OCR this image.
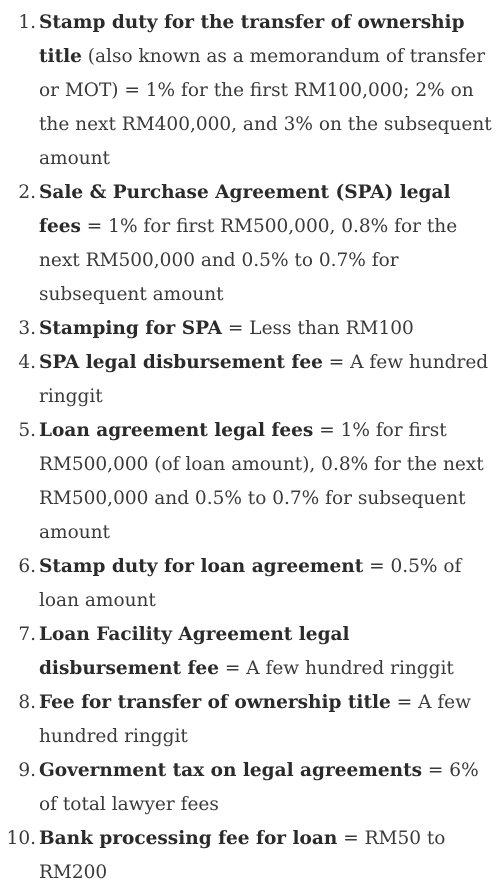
1. Stamp duty for the transfer of ownership title (also known as a memorandum of transfer or MOT) = 1% for the first RM100,000; 2% on the next RM400,000, and 3% on the subsequent amount
2. Sale & Purchase Agreement (SPA) legal fees = 1% for first RM500,000, 0.8% for the next RM500,000 and 0.5% to 0.7% for subsequent amount
3. Stamping for SPA = Less than RM100
4. SPA legal disbursement fee = A few hundred ringgit
5. Loan agreement legal fees = 1% for first RM500,000 (of loan amount), 0.8% for the next RM500,000 and 0.5% to 0.7% for subsequent amount
6. Stamp duty for loan agreement = 0.5% of loan amount
7. Loan Facility Agreement legal disbursement fee = A few hundred ringgit
8. Fee for transfer of ownership title = A few hundred ringgit
9. Government tax on legal agreements = 6% of total lawyer fees
10. Bank processing fee for loan = RM50 to RM200
